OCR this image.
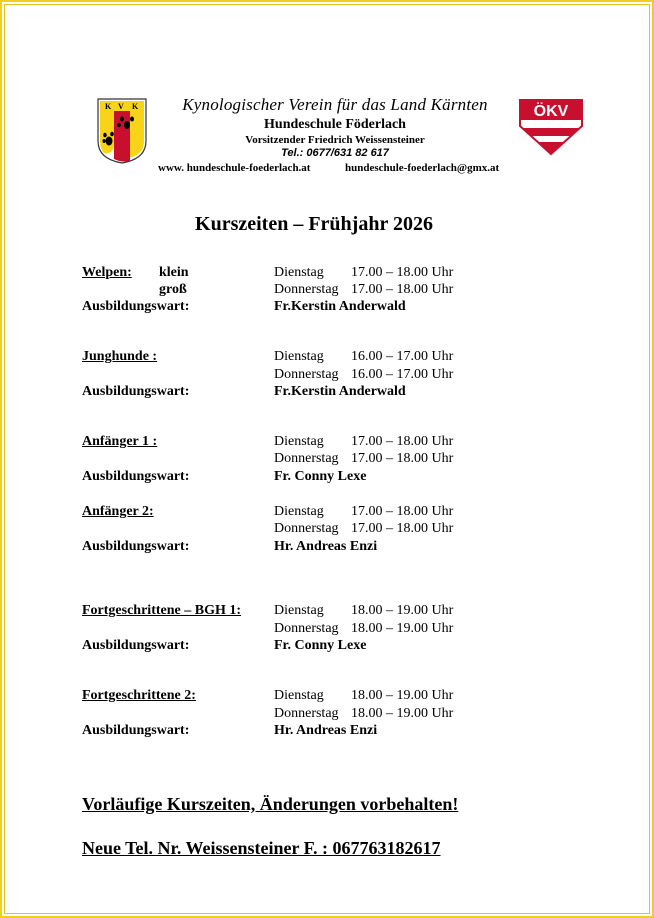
K V K	ÖKV
Kynologischer Verein für das Land Kärnten
Hundeschule Föderlach
Vorsitzender Friedrich Weissensteiner
Tel.: 0677/631 82 617
www. hundeschule-foederlach.at	hundeschule-foederlach@gmx.at
Kurszeiten – Frühjahr 2026
Welpen: klein	Dienstag 17.00 – 18.00 Uhr
groß	Donnerstag 17.00 – 18.00 Uhr
Ausbildungswart:	Fr.Kerstin Anderwald
Junghunde :	Dienstag 16.00 – 17.00 Uhr
Donnerstag 16.00 – 17.00 Uhr
Ausbildungswart:	Fr.Kerstin Anderwald
Anfänger 1 :	Dienstag 17.00 – 18.00 Uhr
Donnerstag 17.00 – 18.00 Uhr
Ausbildungswart:	Fr. Conny Lexe
Anfänger 2:	Dienstag 17.00 – 18.00 Uhr
Donnerstag 17.00 – 18.00 Uhr
Ausbildungswart:	Hr. Andreas Enzi
Fortgeschrittene – BGH 1: Dienstag 18.00 – 19.00 Uhr
Donnerstag 18.00 – 19.00 Uhr
Ausbildungswart:	Fr. Conny Lexe
Fortgeschrittene 2:	Dienstag 18.00 – 19.00 Uhr
Donnerstag 18.00 – 19.00 Uhr
Ausbildungswart:	Hr. Andreas Enzi
Vorläufige Kurszeiten, Änderungen vorbehalten!
Neue Tel. Nr. Weissensteiner F. : 067763182617
